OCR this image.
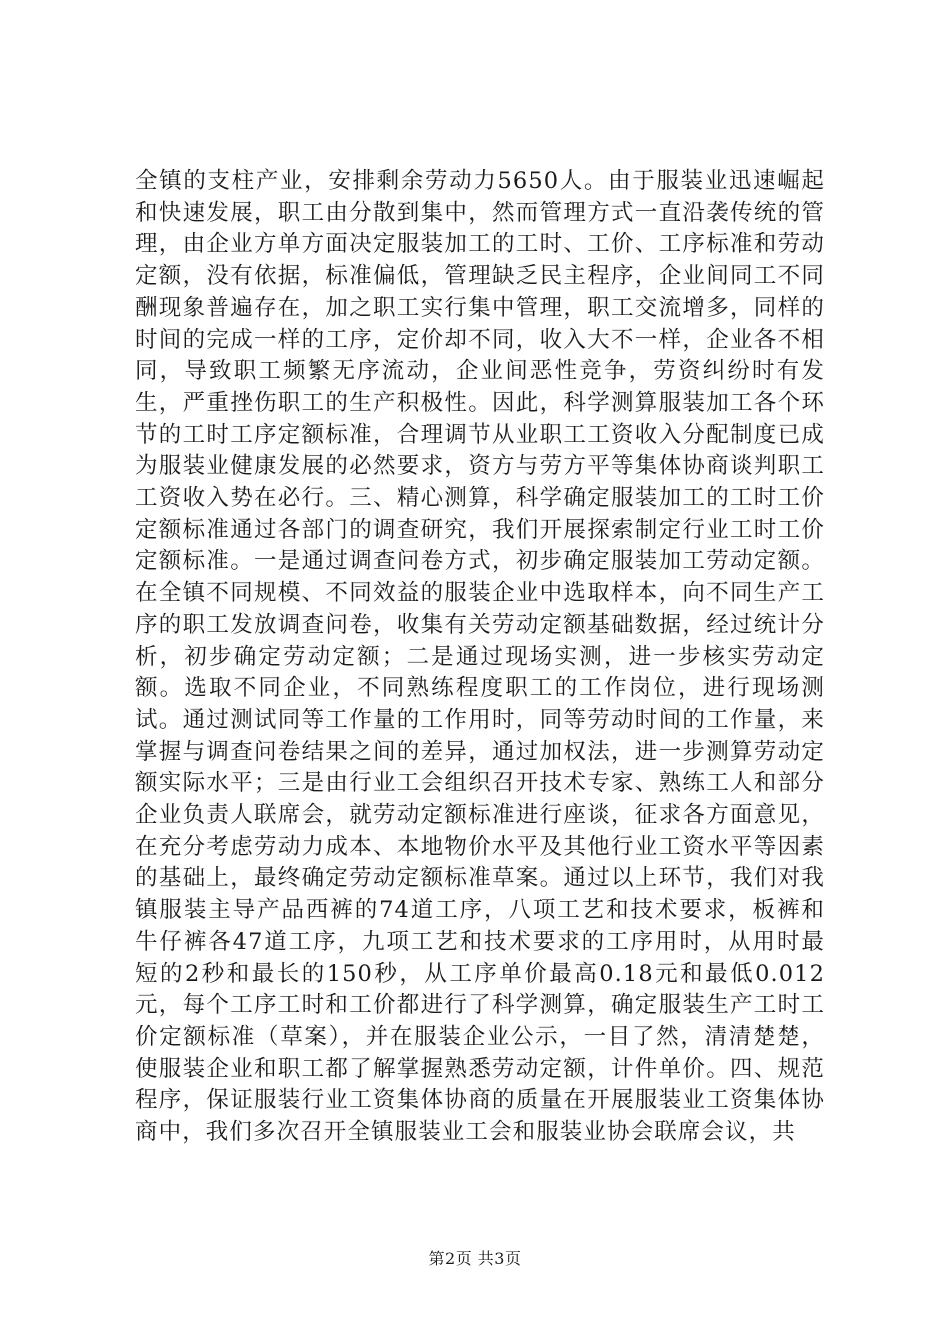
全镇的支柱产业，安排剩余劳动力5650人。由于服装业迅速崛起和快速发展，职工由分散到集中，然而管理方式一直沿袭传统的管理，由企业方单方面决定服装加工的工时、工价、工序标准和劳动定额，没有依据，标准偏低，管理缺乏民主程序，企业间同工不同酬现象普遍存在，加之职工实行集中管理，职工交流增多，同样的时间的完成一样的工序，定价却不同，收入大不一样，企业各不相同，导致职工频繁无序流动，企业间恶性竞争，劳资纠纷时有发生，严重挫伤职工的生产积极性。因此，科学测算服装加工各个环节的工时工序定额标准，合理调节从业职工工资收入分配制度已成为服装业健康发展的必然要求，资方与劳方平等集体协商谈判职工工资收入势在必行。三、精心测算，科学确定服装加工的工时工价定额标准通过各部门的调查研究，我们开展探索制定行业工时工价定额标准。一是通过调查问卷方式，初步确定服装加工劳动定额。在全镇不同规模、不同效益的服装企业中选取样本，向不同生产工序的职工发放调查问卷，收集有关劳动定额基础数据，经过统计分析，初步确定劳动定额；二是通过现场实测，进一步核实劳动定额。选取不同企业，不同熟练程度职工的工作岗位，进行现场测试。通过测试同等工作量的工作用时，同等劳动时间的工作量，来掌握与调查问卷结果之间的差异，通过加权法，进一步测算劳动定额实际水平；三是由行业工会组织召开技术专家、熟练工人和部分企业负责人联席会，就劳动定额标准进行座谈，征求各方面意见，在充分考虑劳动力成本、本地物价水平及其他行业工资水平等因素的基础上，最终确定劳动定额标准草案。通过以上环节，我们对我镇服装主导产品西裤的74道工序，八项工艺和技术要求，板裤和牛仔裤各47道工序，九项工艺和技术要求的工序用时，从用时最短的2秒和最长的150秒，从工序单价最高0.18元和最低0.012元，每个工序工时和工价都进行了科学测算，确定服装生产工时工价定额标准（草案），并在服装企业公示，一目了然，清清楚楚，使服装企业和职工都了解掌握熟悉劳动定额，计件单价。四、规范程序，保证服装行业工资集体协商的质量在开展服装业工资集体协商中，我们多次召开全镇服装业工会和服装业协会联席会议，共

第2页 共3页
